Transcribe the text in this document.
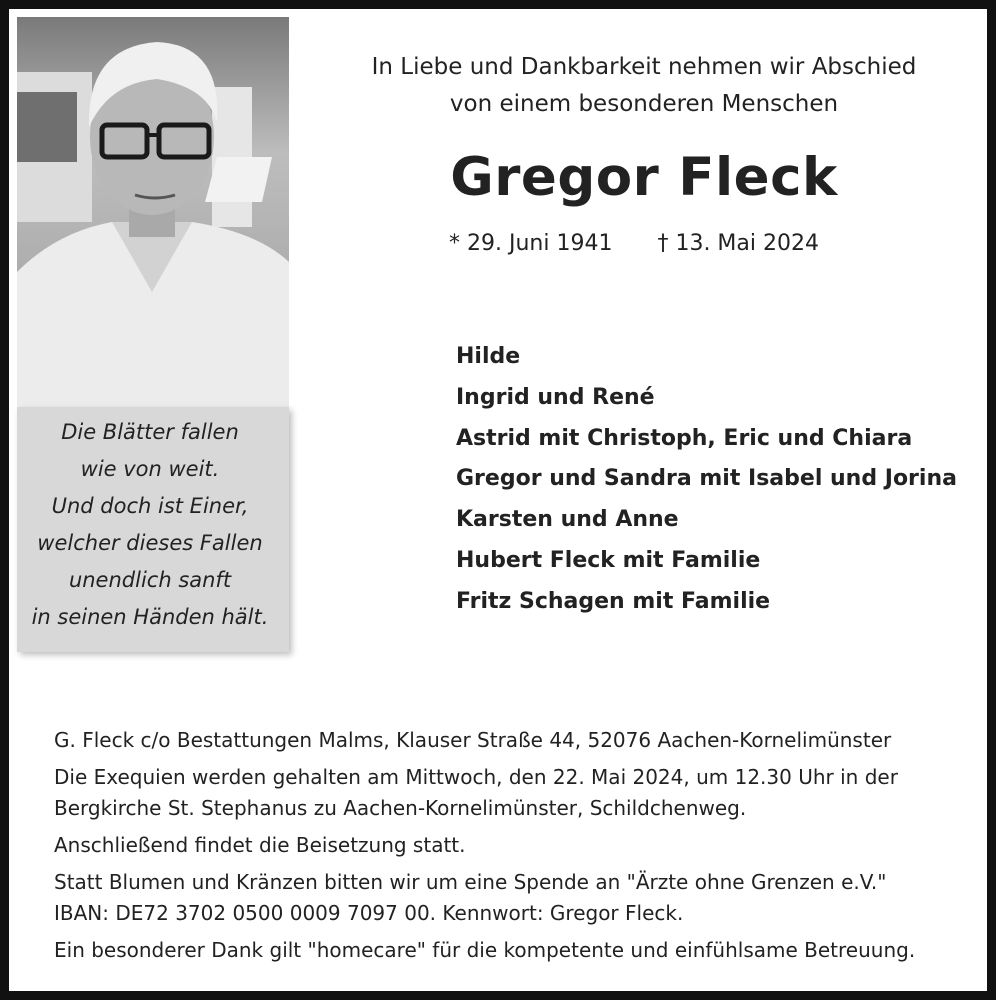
Die Blätter fallen
wie von weit.
Und doch ist Einer,
welcher dieses Fallen
unendlich sanft
in seinen Händen hält.
In Liebe und Dankbarkeit nehmen wir Abschied
von einem besonderen Menschen
Gregor Fleck
* 29. Juni 1941 † 13. Mai 2024
Hilde
Ingrid und René
Astrid mit Christoph, Eric und Chiara
Gregor und Sandra mit Isabel und Jorina
Karsten und Anne
Hubert Fleck mit Familie
Fritz Schagen mit Familie

G. Fleck c/o Bestattungen Malms, Klauser Straße 44, 52076 Aachen-Kornelimünster

Die Exequien werden gehalten am Mittwoch, den 22. Mai 2024, um 12.30 Uhr in der
Bergkirche St. Stephanus zu Aachen-Kornelimünster, Schildchenweg.

Anschließend findet die Beisetzung statt.

Statt Blumen und Kränzen bitten wir um eine Spende an "Ärzte ohne Grenzen e.V."
IBAN: DE72 3702 0500 0009 7097 00. Kennwort: Gregor Fleck.

Ein besonderer Dank gilt "homecare" für die kompetente und einfühlsame Betreuung.
